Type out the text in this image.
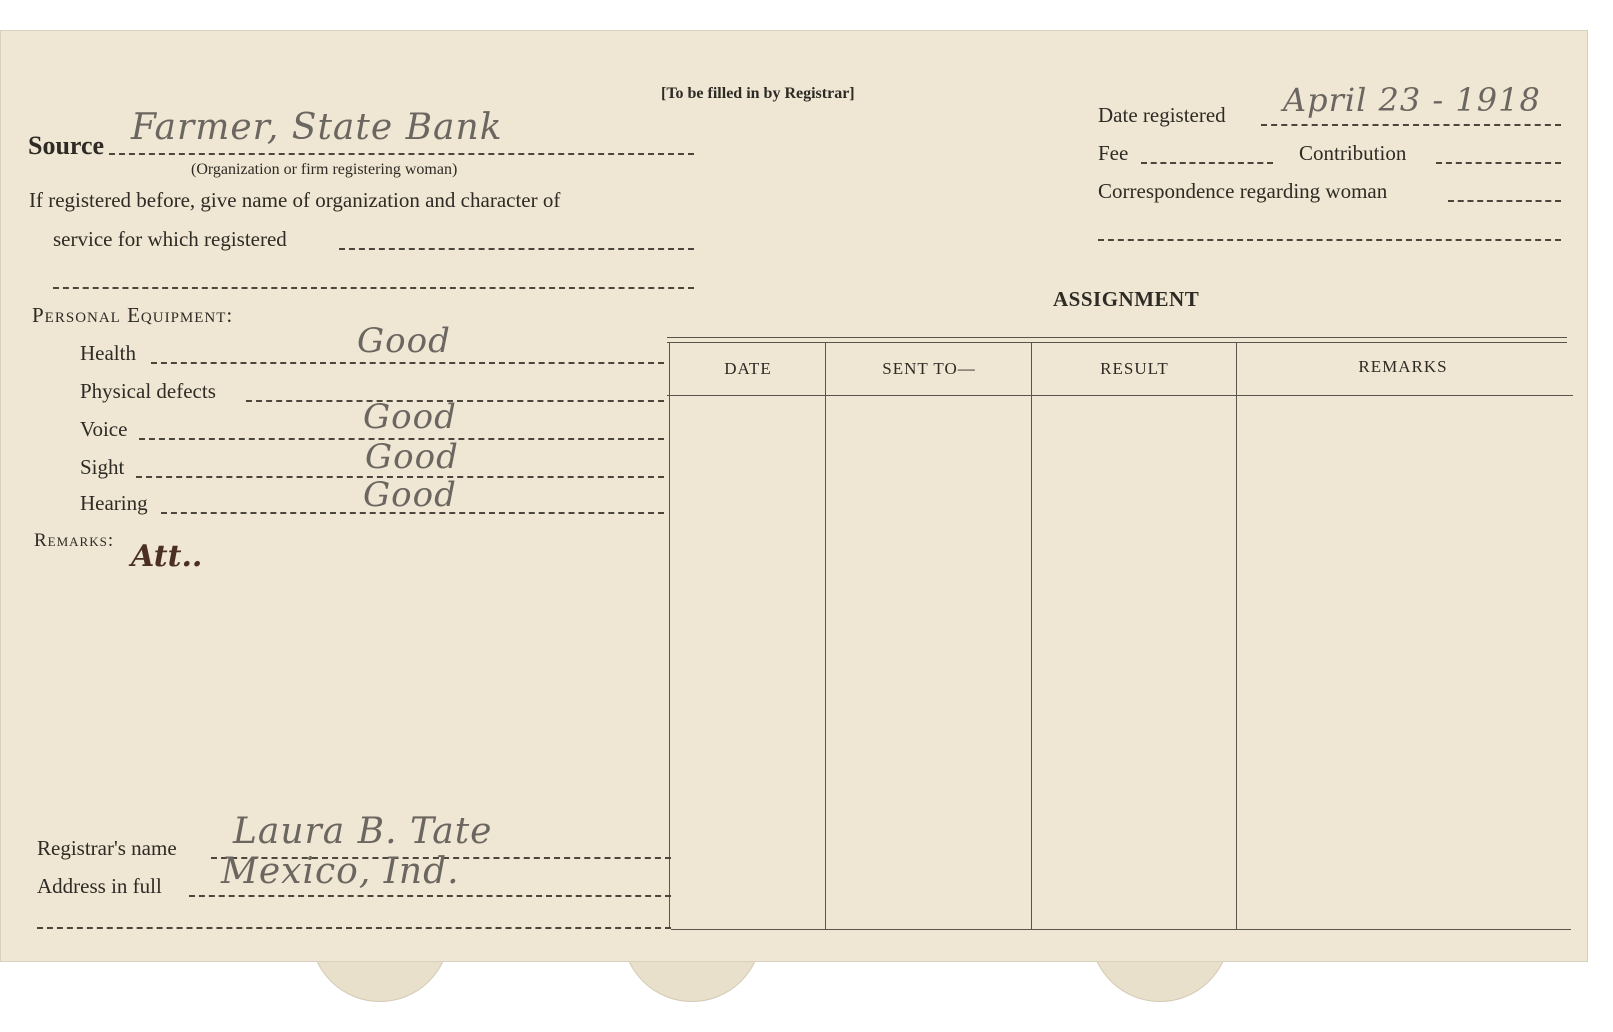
[To be filled in by Registrar]
Source Farmer, State Bank
(Organization or firm registering woman)
If registered before, give name of organization and character of
service for which registered
Date registered April 23 - 1918
Fee	Contribution
Correspondence regarding woman
Personal Equipment:
Health	Good
Physical defects
Voice	Good
Sight	Good
Hearing	Good
Remarks: Att..
ASSIGNMENT
DATE	SENT TO—	RESULT	REMARKS
Registrar's name Laura B. Tate
Address in full Mexico, Ind.
